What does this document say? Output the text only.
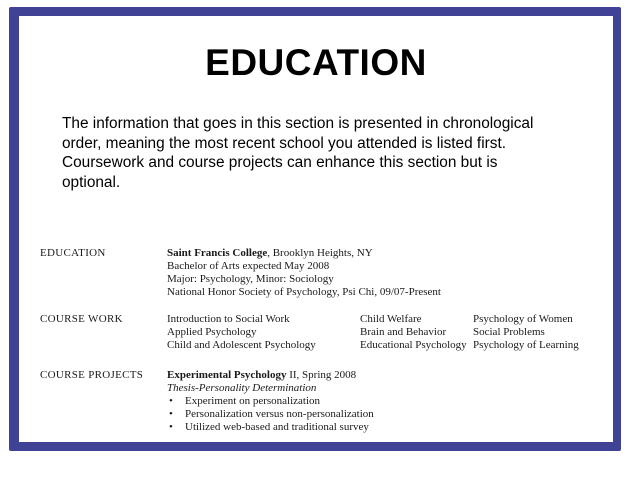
EDUCATION
The information that goes in this section is presented in chronological order, meaning the most recent school you attended is listed first. Coursework and course projects can enhance this section but is optional.
EDUCATION	Saint Francis College, Brooklyn Heights, NY
Bachelor of Arts expected May 2008
Major: Psychology, Minor: Sociology
National Honor Society of Psychology, Psi Chi, 09/07-Present
COURSE WORK	Introduction to Social Work
Applied Psychology
Child and Adolescent Psychology
Child Welfare
Brain and Behavior
Educational Psychology
Psychology of Women
Social Problems
Psychology of Learning
COURSE PROJECTS Experimental Psychology II, Spring 2008
Thesis-Personality Determination
• Experiment on personalization
• Personalization versus non-personalization
• Utilized web-based and traditional survey
